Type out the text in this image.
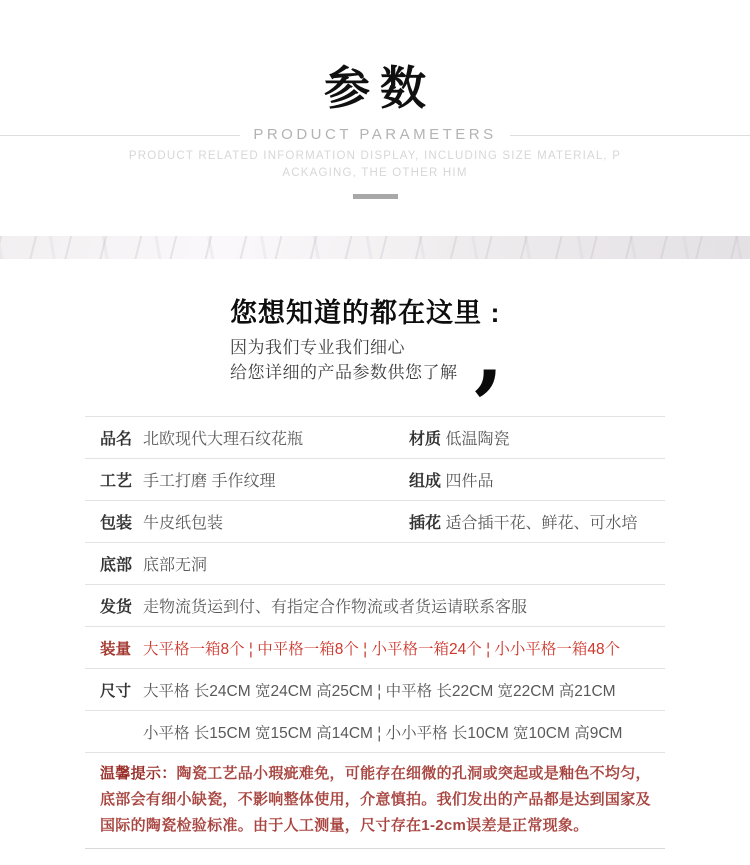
参数
PRODUCT PARAMETERS
PRODUCT RELATED INFORMATION DISPLAY, INCLUDING SIZE MATERIAL, P
ACKAGING, THE OTHER HIM
您想知道的都在这里 :
因为我们专业我们细心
给您详细的产品参数供您了解 ,
品名 北欧现代大理石纹花瓶	材质 低温陶瓷
工艺 手工打磨 手作纹理	组成 四件品
包装 牛皮纸包装	插花 适合插干花、鲜花、可水培
底部 底部无洞
发货 走物流货运到付、有指定合作物流或者货运请联系客服
装量 大平格一箱8个 ¦ 中平格一箱8个 ¦ 小平格一箱24个 ¦ 小小平格一箱48个
尺寸 大平格 长24CM 宽24CM 高25CM ¦ 中平格 长22CM 宽22CM 高21CM
小平格 长15CM 宽15CM 高14CM ¦ 小小平格 长10CM 宽10CM 高9CM
温馨提示：陶瓷工艺品小瑕疵难免，可能存在细微的孔洞或突起或是釉色不均匀，底部会有细小缺瓷，不影响整体使用，介意慎拍。我们发出的产品都是达到国家及国际的陶瓷检验标准。由于人工测量，尺寸存在1-2cm误差是正常现象。
